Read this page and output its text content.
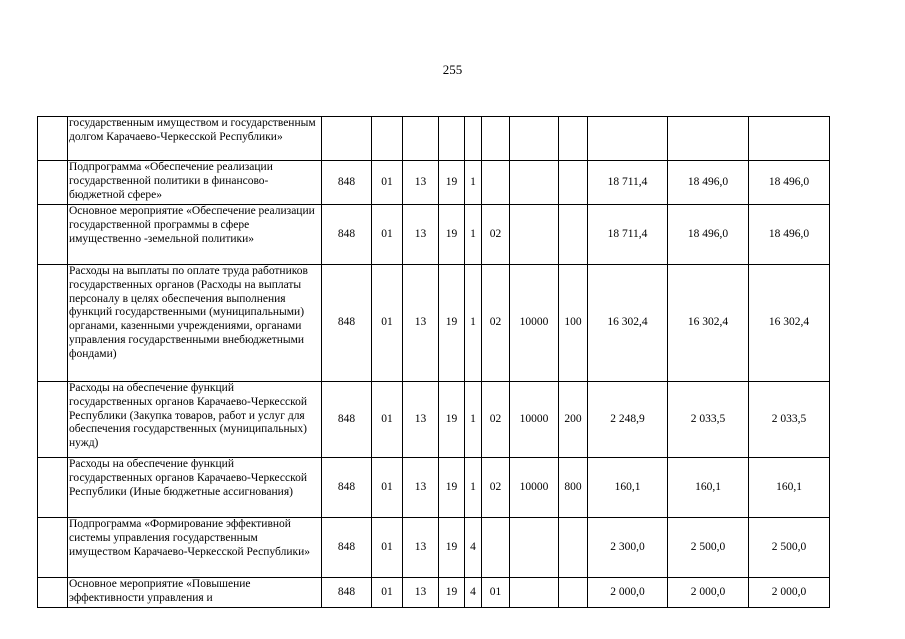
255
	государственным имуществом и государственным долгом Карачаево-Черкесской Республики»											
	Подпрограмма «Обеспечение реализации государственной политики в финансово-бюджетной сфере»	848	01	13	19	1				18 711,4	18 496,0	18 496,0
	Основное мероприятие «Обеспечение реализации государственной программы в сфере имущественно -земельной политики»	848	01	13	19	1	02			18 711,4	18 496,0	18 496,0
	Расходы на выплаты по оплате труда работников государственных органов (Расходы на выплаты персоналу в целях обеспечения выполнения функций государственными (муниципальными) органами, казенными учреждениями, органами управления государственными внебюджетными фондами)	848	01	13	19	1	02	10000	100	16 302,4	16 302,4	16 302,4
	Расходы на обеспечение функций государственных органов Карачаево-Черкесской Республики (Закупка товаров, работ и услуг для обеспечения государственных (муниципальных) нужд)	848	01	13	19	1	02	10000	200	2 248,9	2 033,5	2 033,5
	Расходы на обеспечение функций государственных органов Карачаево-Черкесской Республики (Иные бюджетные ассигнования)	848	01	13	19	1	02	10000	800	160,1	160,1	160,1
	Подпрограмма «Формирование эффективной системы управления государственным имуществом Карачаево-Черкесской Республики»	848	01	13	19	4				2 300,0	2 500,0	2 500,0
	Основное мероприятие «Повышение эффективности управления и	848	01	13	19	4	01			2 000,0	2 000,0	2 000,0
